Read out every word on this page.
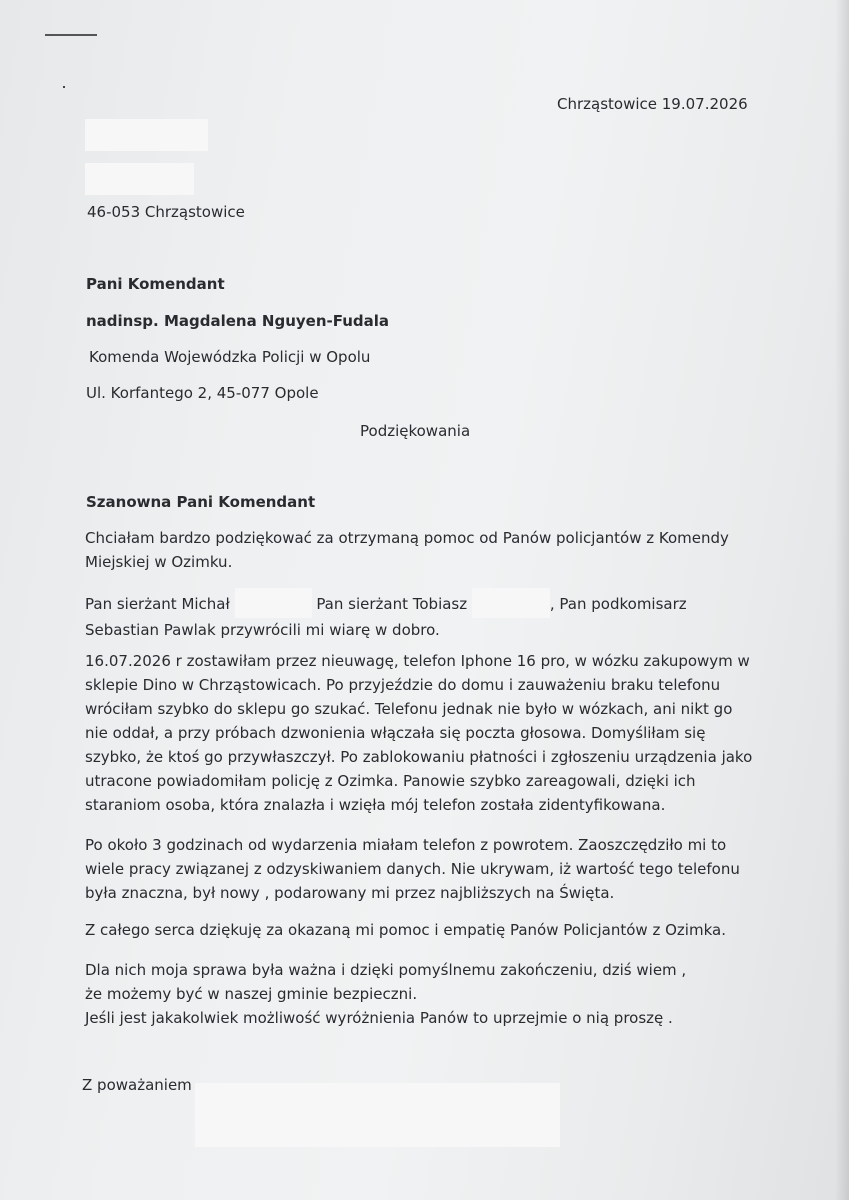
Chrząstowice 19.07.2026
46-053 Chrząstowice
Pani Komendant
nadinsp. Magdalena Nguyen-Fudala
Komenda Wojewódzka Policji w Opolu
Ul. Korfantego 2, 45-077 Opole
Podziękowania
Szanowna Pani Komendant
Chciałam bardzo podziękować za otrzymaną pomoc od Panów policjantów z Komendy
Miejskiej w Ozimku.
Pan sierżant Michał	Pan sierżant Tobiasz	, Pan podkomisarz
Sebastian Pawlak przywrócili mi wiarę w dobro.
16.07.2026 r zostawiłam przez nieuwagę, telefon Iphone 16 pro, w wózku zakupowym w
sklepie Dino w Chrząstowicach. Po przyjeździe do domu i zauważeniu braku telefonu
wróciłam szybko do sklepu go szukać. Telefonu jednak nie było w wózkach, ani nikt go
nie oddał, a przy próbach dzwonienia włączała się poczta głosowa. Domyśliłam się
szybko, że ktoś go przywłaszczył. Po zablokowaniu płatności i zgłoszeniu urządzenia jako
utracone powiadomiłam policję z Ozimka. Panowie szybko zareagowali, dzięki ich
staraniom osoba, która znalazła i wzięła mój telefon została zidentyfikowana.
Po około 3 godzinach od wydarzenia miałam telefon z powrotem. Zaoszczędziło mi to
wiele pracy związanej z odzyskiwaniem danych. Nie ukrywam, iż wartość tego telefonu
była znaczna, był nowy , podarowany mi przez najbliższych na Święta.
Z całego serca dziękuję za okazaną mi pomoc i empatię Panów Policjantów z Ozimka.
Dla nich moja sprawa była ważna i dzięki pomyślnemu zakończeniu, dziś wiem ,
że możemy być w naszej gminie bezpieczni.
Jeśli jest jakakolwiek możliwość wyróżnienia Panów to uprzejmie o nią proszę .
Z poważaniem
